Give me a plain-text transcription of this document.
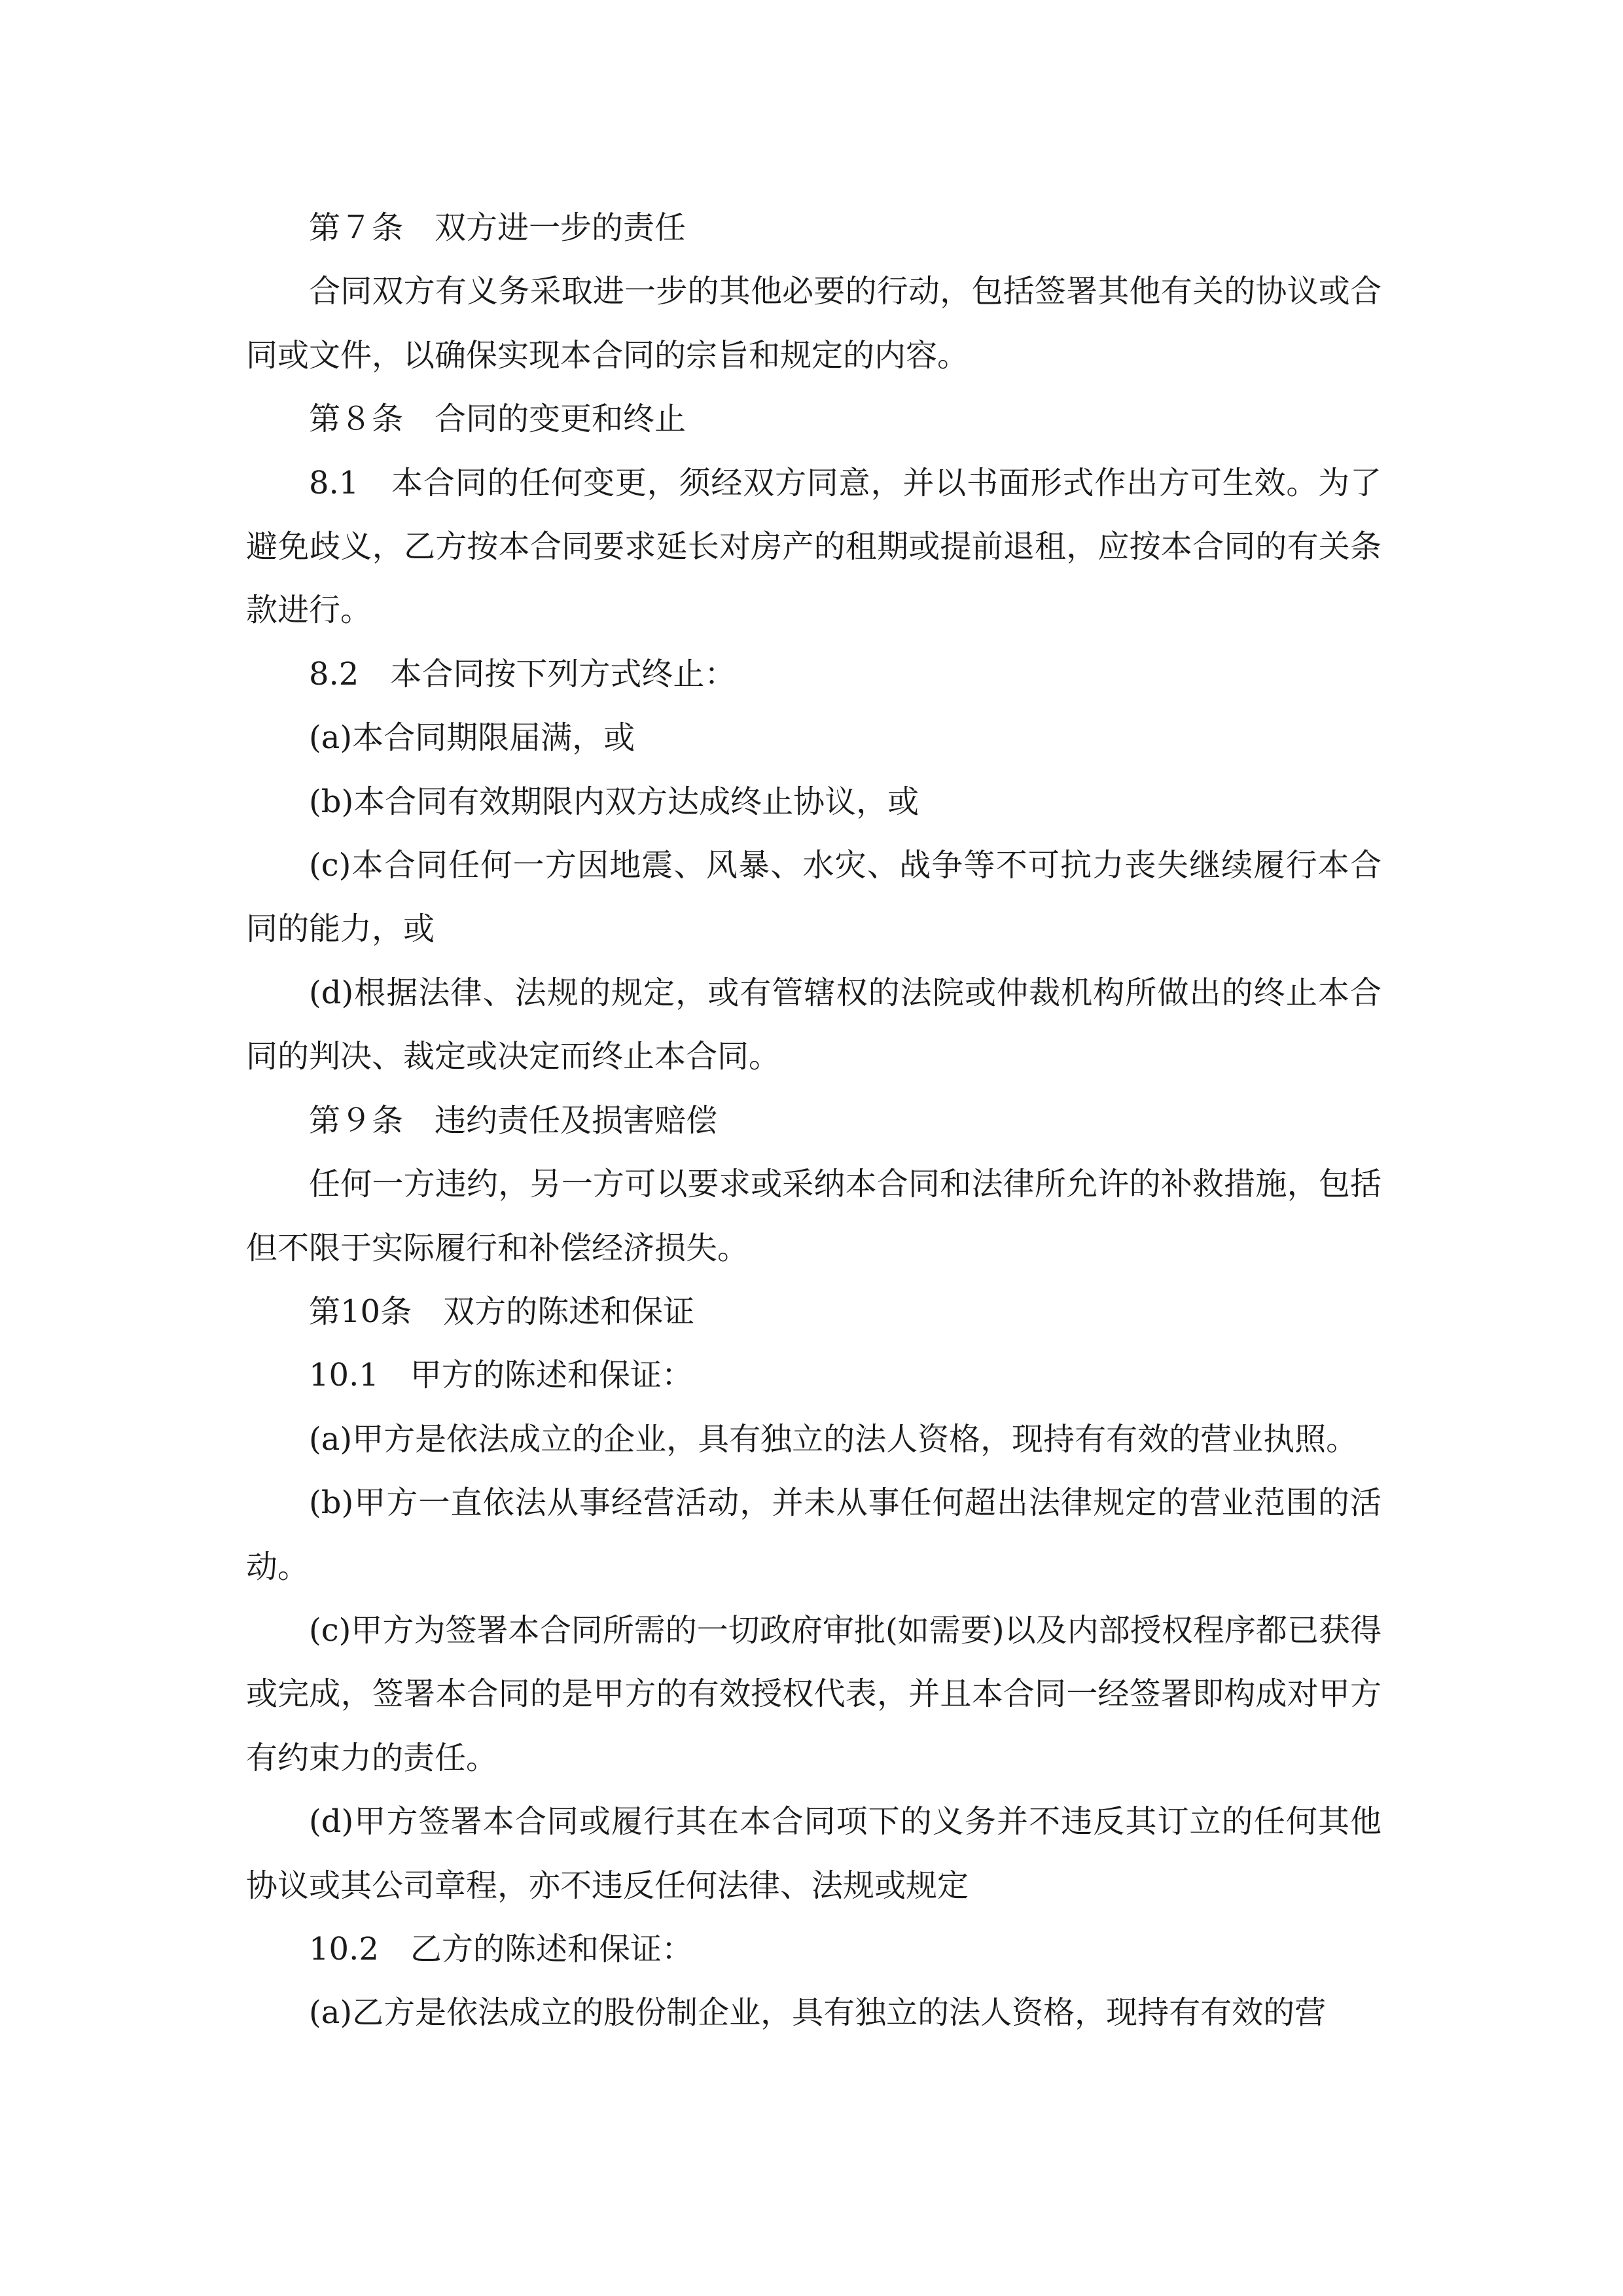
第７条　双方进一步的责任

合同双方有义务采取进一步的其他必要的行动，包括签署其他有关的协议或合同或文件，以确保实现本合同的宗旨和规定的内容。

第８条　合同的变更和终止

8.1　本合同的任何变更，须经双方同意，并以书面形式作出方可生效。为了避免歧义，乙方按本合同要求延长对房产的租期或提前退租，应按本合同的有关条款进行。

8.2　本合同按下列方式终止：

(a)本合同期限届满，或

(b)本合同有效期限内双方达成终止协议，或

(c)本合同任何一方因地震、风暴、水灾、战争等不可抗力丧失继续履行本合同的能力，或

(d)根据法律、法规的规定，或有管辖权的法院或仲裁机构所做出的终止本合同的判决、裁定或决定而终止本合同。

第９条　违约责任及损害赔偿

任何一方违约，另一方可以要求或采纳本合同和法律所允许的补救措施，包括但不限于实际履行和补偿经济损失。

第10条　双方的陈述和保证

10.1　甲方的陈述和保证：

(a)甲方是依法成立的企业，具有独立的法人资格，现持有有效的营业执照。

(b)甲方一直依法从事经营活动，并未从事任何超出法律规定的营业范围的活动。

(c)甲方为签署本合同所需的一切政府审批(如需要)以及内部授权程序都已获得或完成，签署本合同的是甲方的有效授权代表，并且本合同一经签署即构成对甲方有约束力的责任。

(d)甲方签署本合同或履行其在本合同项下的义务并不违反其订立的任何其他协议或其公司章程，亦不违反任何法律、法规或规定

10.2　乙方的陈述和保证：

(a)乙方是依法成立的股份制企业，具有独立的法人资格，现持有有效的营
